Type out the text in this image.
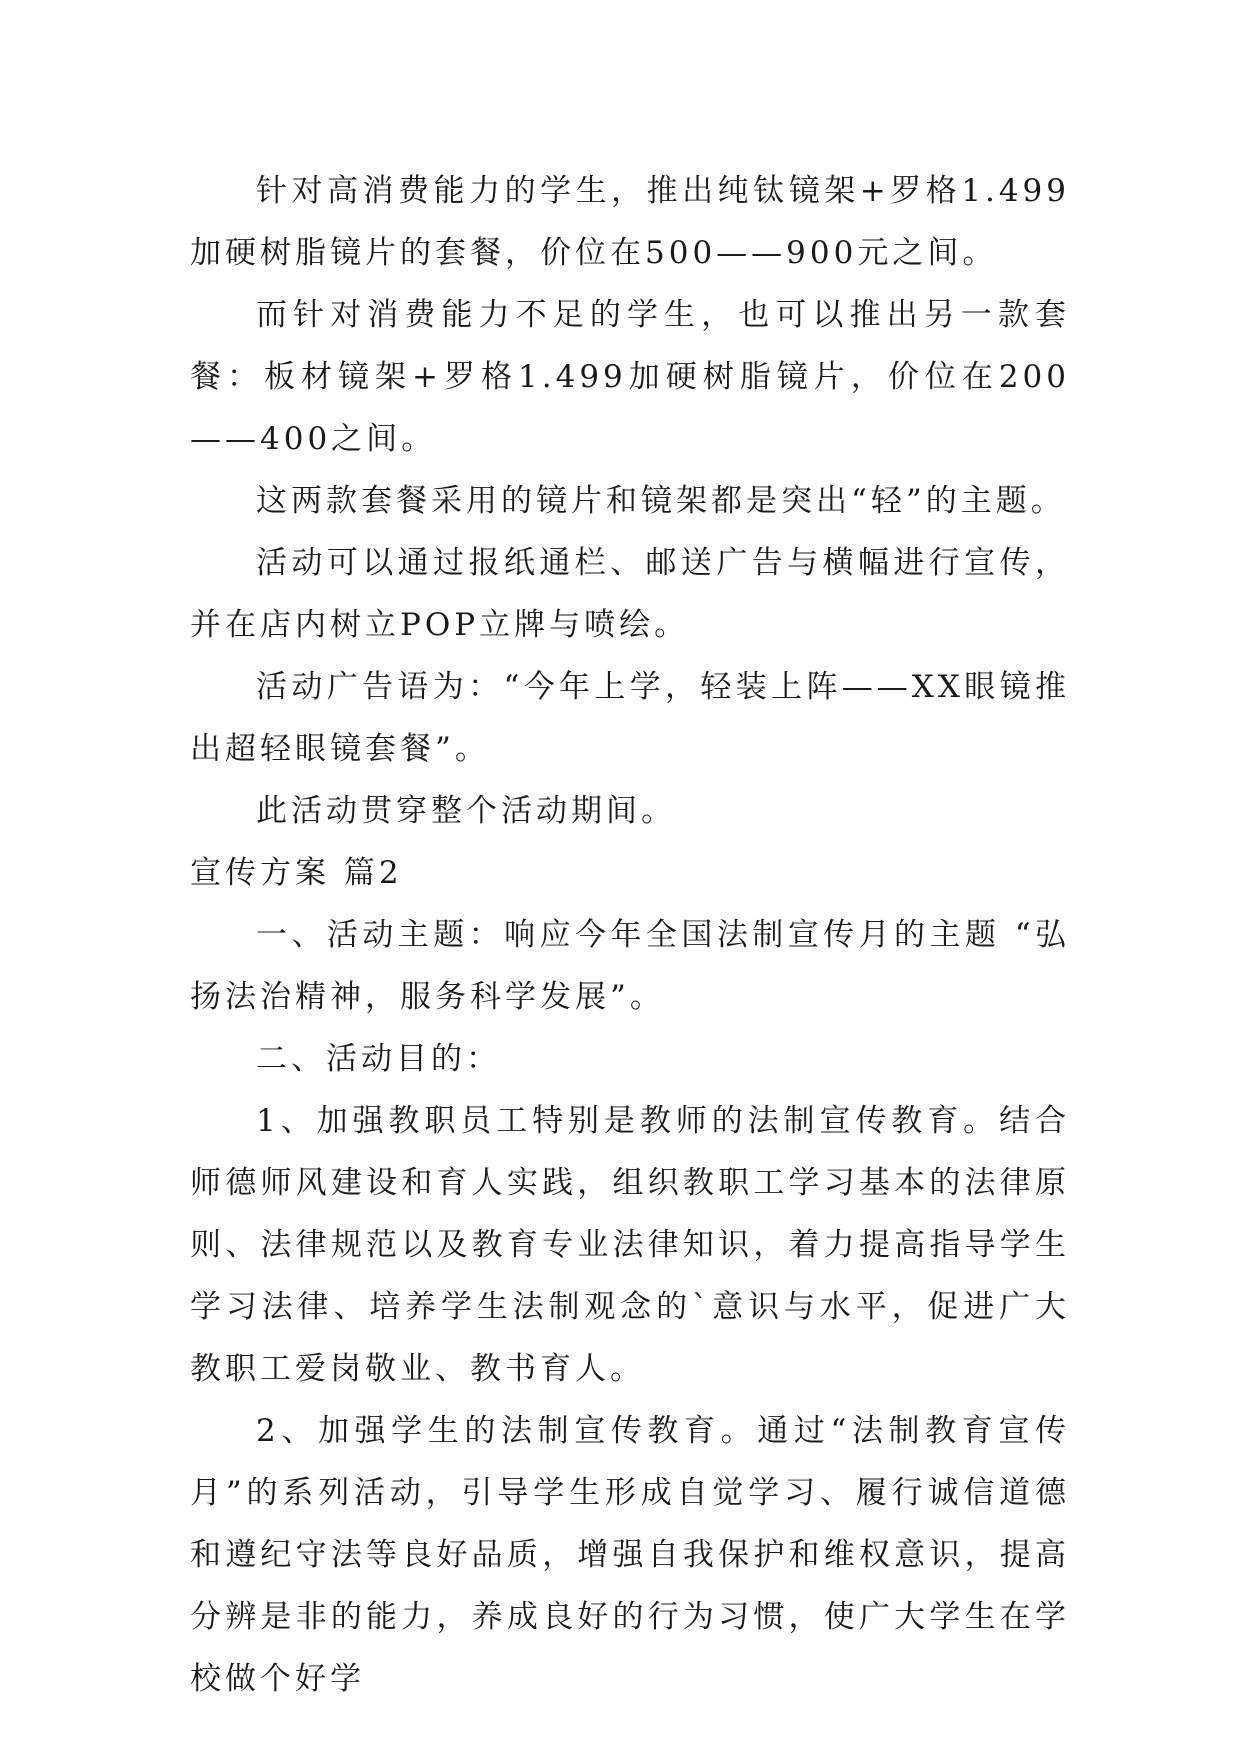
针对高消费能力的学生，推出纯钛镜架+罗格1.499加硬树脂镜片的套餐，价位在500——900元之间。

而针对消费能力不足的学生，也可以推出另一款套餐：板材镜架+罗格1.499加硬树脂镜片，价位在200——400之间。

这两款套餐采用的镜片和镜架都是突出“轻”的主题。

活动可以通过报纸通栏、邮送广告与横幅进行宣传，并在店内树立POP立牌与喷绘。

活动广告语为：“今年上学，轻装上阵——XX眼镜推出超轻眼镜套餐”。

此活动贯穿整个活动期间。

宣传方案 篇2

一、活动主题：响应今年全国法制宣传月的主题 “弘扬法治精神，服务科学发展”。

二、活动目的：

1、加强教职员工特别是教师的法制宣传教育。结合师德师风建设和育人实践，组织教职工学习基本的法律原则、法律规范以及教育专业法律知识，着力提高指导学生学习法律、培养学生法制观念的`意识与水平，促进广大教职工爱岗敬业、教书育人。

2、加强学生的法制宣传教育。通过“法制教育宣传月”的系列活动，引导学生形成自觉学习、履行诚信道德和遵纪守法等良好品质，增强自我保护和维权意识，提高分辨是非的能力，养成良好的行为习惯，使广大学生在学校做个好学
